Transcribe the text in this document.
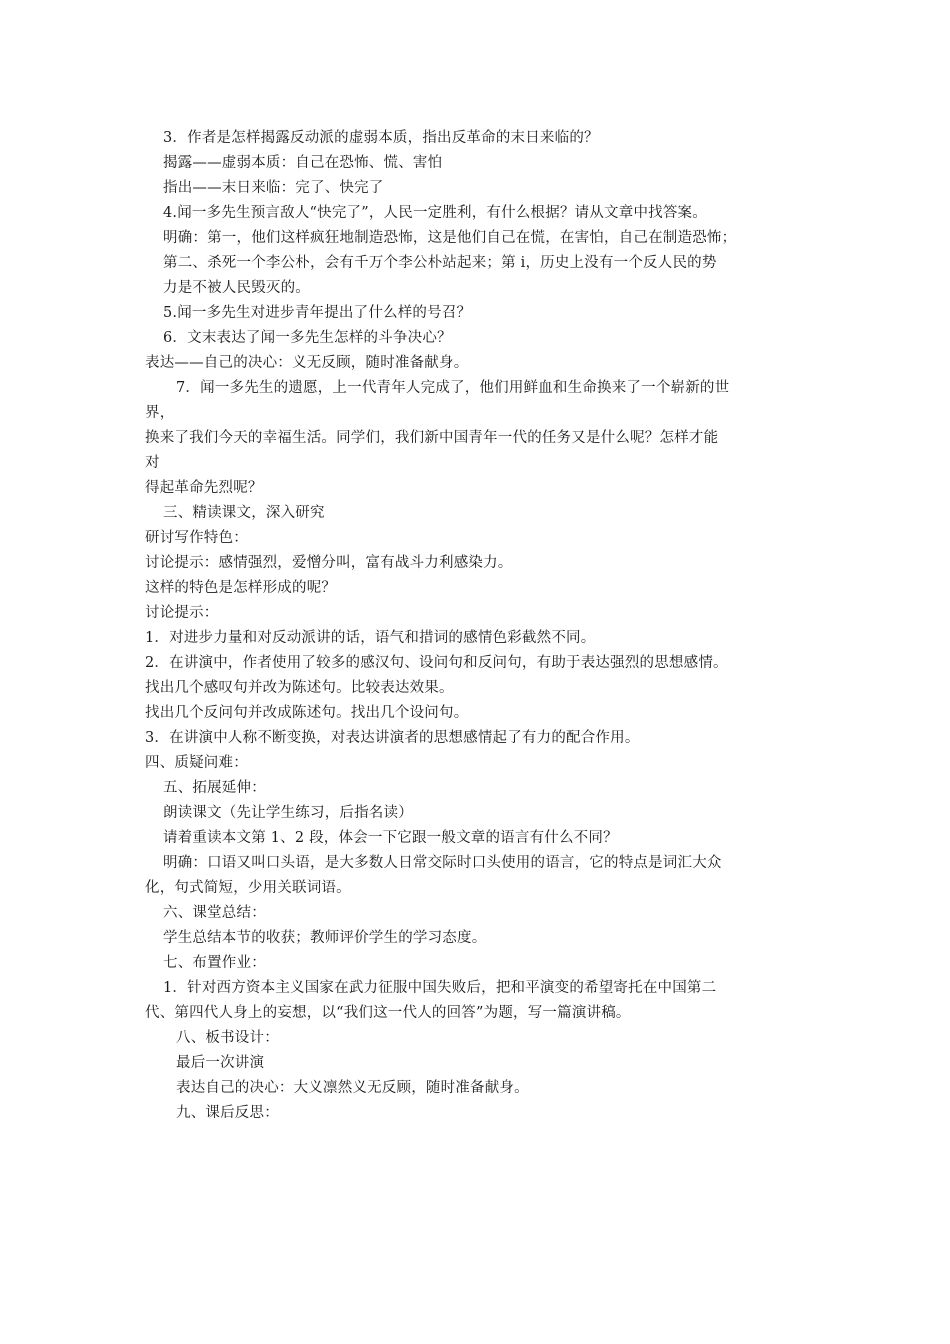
3．作者是怎样揭露反动派的虚弱本质，指出反革命的末日来临的？
揭露——虚弱本质：自己在恐怖、慌、害怕
指出——末日来临：完了、快完了
4.闻一多先生预言敌人“快完了”，人民一定胜利，有什么根据？请从文章中找答案。
明确：第一，他们这样疯狂地制造恐怖，这是他们自己在慌，在害怕，自己在制造恐怖；
第二、杀死一个李公朴，会有千万个李公朴站起来；第 i，历史上没有一个反人民的势
力是不被人民毁灭的。
5.闻一多先生对进步青年提出了什么样的号召？
6．文末表达了闻一多先生怎样的斗争决心？
表达——自己的决心：义无反顾，随时准备献身。
7．闻一多先生的遗愿，上一代青年人完成了，他们用鲜血和生命换来了一个崭新的世
界，
换来了我们今天的幸福生活。同学们，我们新中国青年一代的任务又是什么呢？怎样才能
对
得起革命先烈呢？
三、精读课文，深入研究
研讨写作特色：
讨论提示：感情强烈，爱憎分叫，富有战斗力利感染力。
这样的特色是怎样形成的呢？
讨论提示：
1．对进步力量和对反动派讲的话，语气和措词的感情色彩截然不同。
2．在讲演中，作者使用了较多的感汉句、设问句和反问句，有助于表达强烈的思想感情。
找出几个感叹句并改为陈述句。比较表达效果。
找出几个反问句并改成陈述句。找出几个设问句。
3．在讲演中人称不断变换，对表达讲演者的思想感情起了有力的配合作用。
四、质疑问难：
五、拓展延伸：
朗读课文（先让学生练习，后指名读）
请着重读本文第 1、2 段，体会一下它跟一般文章的语言有什么不同？
明确：口语又叫口头语，是大多数人日常交际时口头使用的语言，它的特点是词汇大众
化，句式简短，少用关联词语。
六、课堂总结：
学生总结本节的收获；教师评价学生的学习态度。
七、布置作业：
1．针对西方资本主义国家在武力征服中国失败后，把和平演变的希望寄托在中国第二
代、第四代人身上的妄想，以“我们这一代人的回答”为题，写一篇演讲稿。
八、板书设计：
最后一次讲演
表达自己的决心：大义凛然义无反顾，随时准备献身。
九、课后反思：
